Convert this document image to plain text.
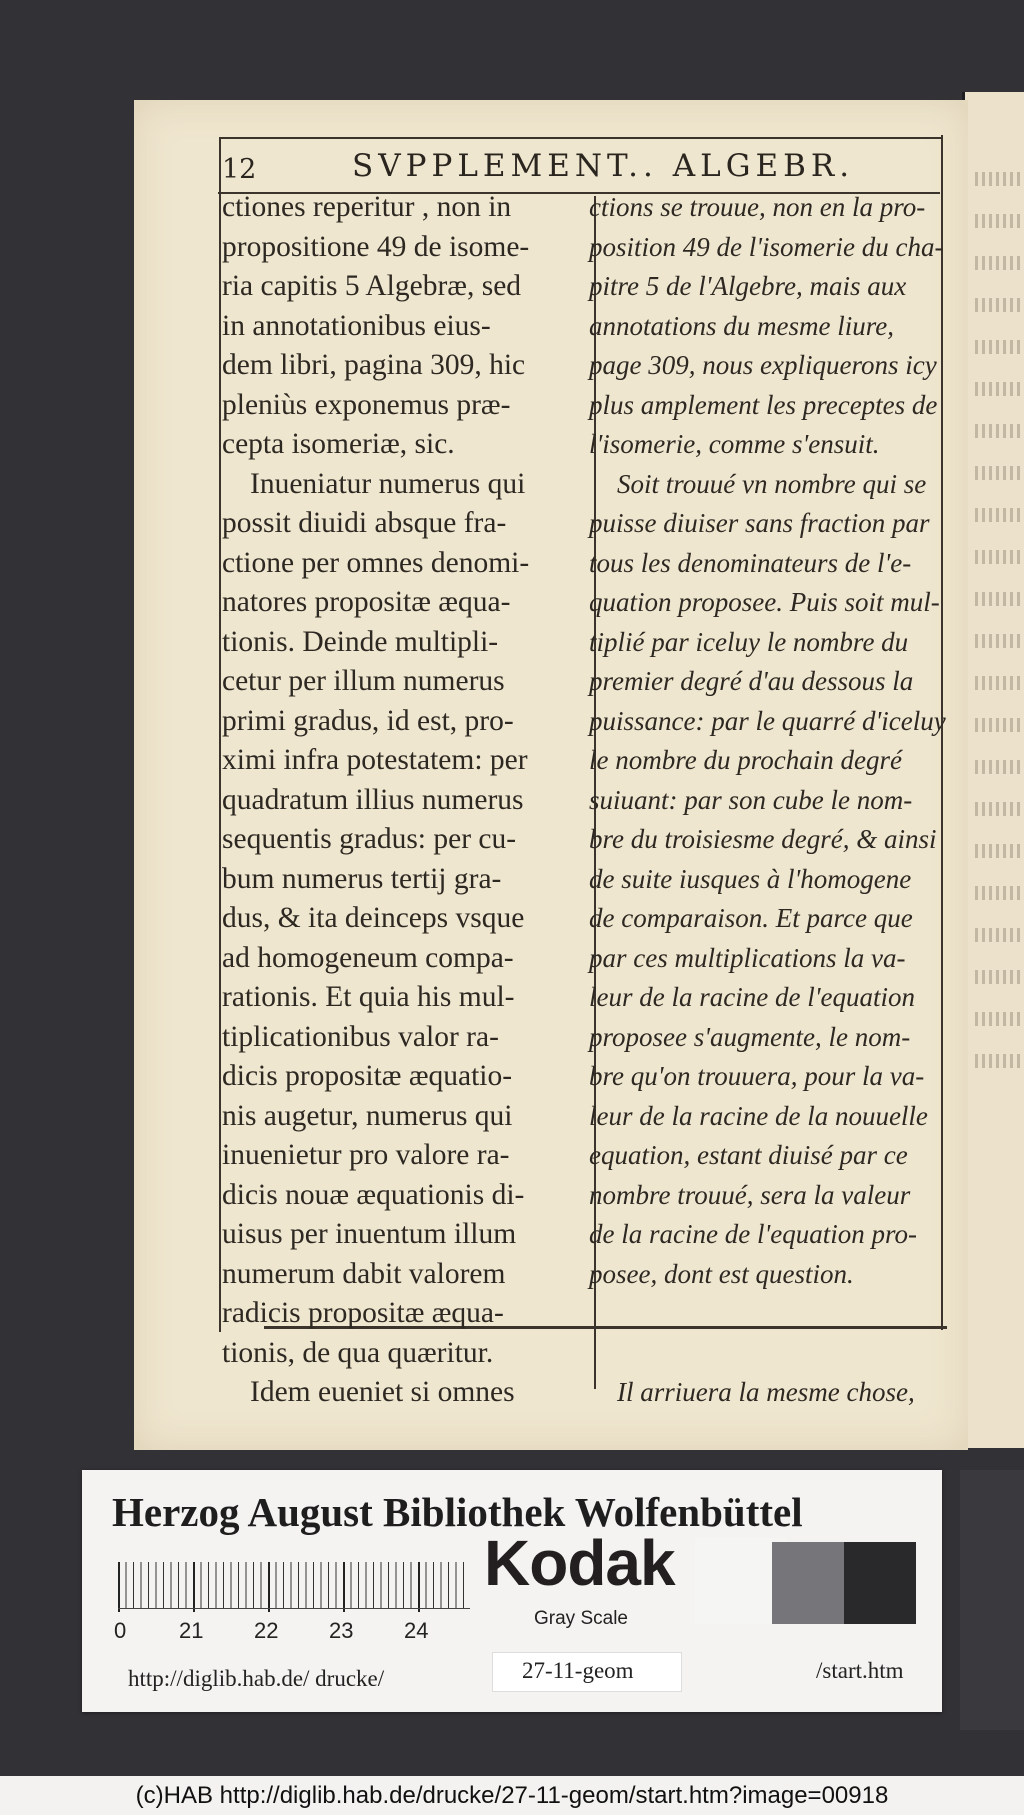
12	SVPPLEMENT.. ALGEBR.
ctiones reperitur , non in
propositione 49 de isome-
ria capitis 5 Algebræ, sed
in annotationibus eius-
dem libri, pagina 309, hic
pleniùs exponemus præ-
cepta isomeriæ, sic.
Inueniatur numerus qui
possit diuidi absque fra-
ctione per omnes denomi-
natores propositæ æqua-
tionis. Deinde multipli-
cetur per illum numerus
primi gradus, id est, pro-
ximi infra potestatem: per
quadratum illius numerus
sequentis gradus: per cu-
bum numerus tertij gra-
dus, & ita deinceps vsque
ad homogeneum compa-
rationis. Et quia his mul-
tiplicationibus valor ra-
dicis propositæ æquatio-
nis augetur, numerus qui
inuenietur pro valore ra-
dicis nouæ æquationis di-
uisus per inuentum illum
numerum dabit valorem
radicis propositæ æqua-
tionis, de qua quæritur.
Idem eueniet si omnes
ctions se trouue, non en la pro-
position 49 de l'isomerie du cha-
pitre 5 de l'Algebre, mais aux
annotations du mesme liure,
page 309, nous expliquerons icy
plus amplement les preceptes de
l'isomerie, comme s'ensuit.
Soit trouué vn nombre qui se
puisse diuiser sans fraction par
tous les denominateurs de l'e-
quation proposee. Puis soit mul-
tiplié par iceluy le nombre du
premier degré d'au dessous la
puissance: par le quarré d'iceluy
le nombre du prochain degré
suiuant: par son cube le nom-
bre du troisiesme degré, & ainsi
de suite iusques à l'homogene
de comparaison. Et parce que
par ces multiplications la va-
leur de la racine de l'equation
proposee s'augmente, le nom-
bre qu'on trouuera, pour la va-
leur de la racine de la nouuelle
equation, estant diuisé par ce
nombre trouué, sera la valeur
de la racine de l'equation pro-
posee, dont est question.
Il arriuera la mesme chose,
Herzog August Bibliothek Wolfenbüttel
0 21 22 23 24
Kodak
Gray Scale
http://diglib.hab.de/ drucke/	27-11-geom	/start.htm
(c)HAB http://diglib.hab.de/drucke/27-11-geom/start.htm?image=00918
